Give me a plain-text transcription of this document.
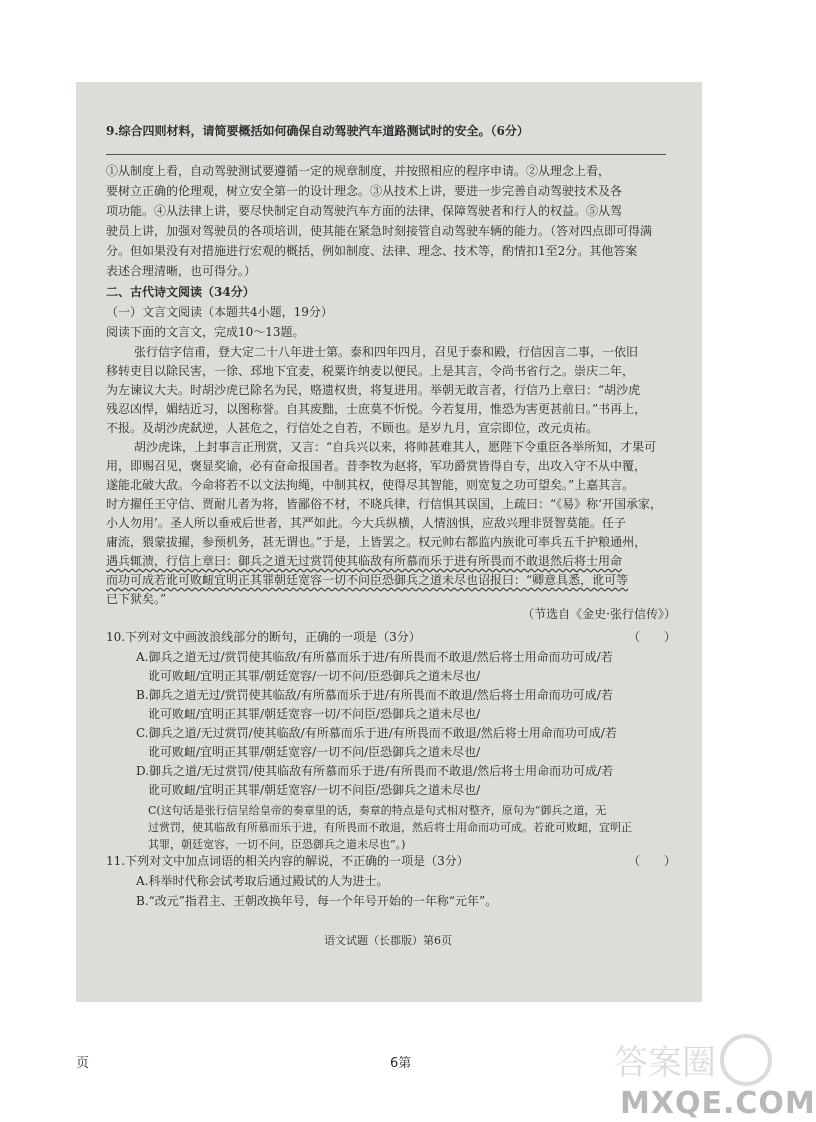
9.综合四则材料，请简要概括如何确保自动驾驶汽车道路测试时的安全。（6分）
①从制度上看，自动驾驶测试要遵循一定的规章制度，并按照相应的程序申请。②从理念上看，
要树立正确的伦理观，树立安全第一的设计理念。③从技术上讲，要进一步完善自动驾驶技术及各
项功能。④从法律上讲，要尽快制定自动驾驶汽车方面的法律，保障驾驶者和行人的权益。⑤从驾
驶员上讲，加强对驾驶员的各项培训，使其能在紧急时刻接管自动驾驶车辆的能力。（答对四点即可得满
分。但如果没有对措施进行宏观的概括，例如制度、法律、理念、技术等，酌情扣1至2分。其他答案
表述合理清晰，也可得分。）
二、古代诗文阅读（34分）
（一）文言文阅读（本题共4小题，19分）
阅读下面的文言文，完成10～13题。
张行信字信甫，登大定二十八年进士第。泰和四年四月，召见于泰和殿，行信因言二事，一依旧
移转吏目以除民害，一徐、邳地下宜麦，税粟许纳麦以便民。上是其言，令尚书省行之。崇庆二年，
为左谏议大夫。时胡沙虎已除名为民，赂遗权贵，将复进用。举朝无敢言者，行信乃上章曰：“胡沙虎
残忍凶悍，媚结近习，以图称誉。自其废黜，士庶莫不忻悦。今若复用，惟恐为害更甚前日。”书再上，
不报。及胡沙虎弑逆，人甚危之，行信处之自若，不顾也。是岁九月，宣宗即位，改元贞祐。
胡沙虎诛，上封事言正刑赏，又言：“自兵兴以来，将帅甚难其人，愿陛下令重臣各举所知，才果可
用，即赐召见，褒显奖谕，必有奋命报国者。昔李牧为赵将，军功爵赏皆得自专，出攻入守不从中覆，
遂能北破大敌。今命将若不以文法拘绳，中制其权，使得尽其智能，则宽复之功可望矣。”上嘉其言。
时方擢任王守信、贾耐儿者为将，皆鄙俗不材，不晓兵律，行信惧其误国，上疏曰：“《易》称‘开国承家，
小人勿用’。圣人所以垂戒后世者，其严如此。今大兵纵横，人情汹惧，应敌兴理非贤智莫能。任子
庸流，猥蒙拔擢，参预机务，甚无谓也。”于是，上皆罢之。权元帅右都监内族讹可率兵五千护粮通州，
遇兵辄溃，行信上章曰：御兵之道无过赏罚使其临敌有所慕而乐于进有所畏而不敢退然后将士用命
而功可成若讹可败衄宜明正其罪朝廷宽容一切不问臣恐御兵之道未尽也诏报曰：“卿意具悉，讹可等
已下狱矣。”
（节选自《金史·张行信传》）
10.下列对文中画波浪线部分的断句，正确的一项是（3分）	（　　）
A.御兵之道无过/赏罚使其临敌/有所慕而乐于进/有所畏而不敢退/然后将士用命而功可成/若
讹可败衄/宜明正其罪/朝廷宽容/一切不问/臣恐御兵之道未尽也/
B.御兵之道无过/赏罚使其临敌/有所慕而乐于进/有所畏而不敢退/然后将士用命而功可成/若
讹可败衄/宜明正其罪/朝廷宽容一切/不问臣/恐御兵之道未尽也/
C.御兵之道/无过赏罚/使其临敌/有所慕而乐于进/有所畏而不敢退/然后将士用命而功可成/若
讹可败衄/宜明正其罪/朝廷宽容/一切不问/臣恐御兵之道未尽也/
D.御兵之道/无过赏罚/使其临敌有所慕而乐于进/有所畏而不敢退/然后将士用命而功可成/若
讹可败衄/宜明正其罪/朝廷宽容/一切不问臣/恐御兵之道未尽也/
C(这句话是张行信呈给皇帝的奏章里的话，奏章的特点是句式相对整齐，原句为“御兵之道，无
过赏罚，使其临敌有所慕而乐于进，有所畏而不敢退，然后将士用命而功可成。若讹可败衄，宜明正
其罪，朝廷宽容，一切不问，臣恐御兵之道未尽也”。)
11.下列对文中加点词语的相关内容的解说，不正确的一项是（3分）	（　　）
A.科举时代称会试考取后通过殿试的人为进士。
B.“改元”指君主、王朝改换年号，每一个年号开始的一年称“元年”。
语文试题（长郡版）第6页
页	6第	答案圈
MXQE.COM
